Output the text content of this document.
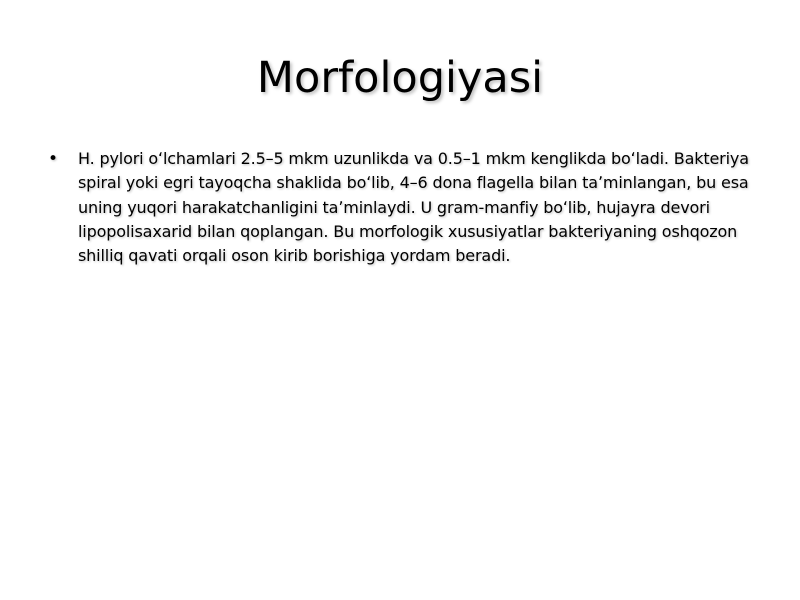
Morfologiyasi
• H. pylori oʻlchamlari 2.5–5 mkm uzunlikda va 0.5–1 mkm kenglikda boʻladi. Bakteriya spiral yoki egri tayoqcha shaklida boʻlib, 4–6 dona flagella bilan taʼminlangan, bu esa uning yuqori harakatchanligini taʼminlaydi. U gram-manfiy boʻlib, hujayra devori lipopolisaxarid bilan qoplangan. Bu morfologik xususiyatlar bakteriyaning oshqozon shilliq qavati orqali oson kirib borishiga yordam beradi.
